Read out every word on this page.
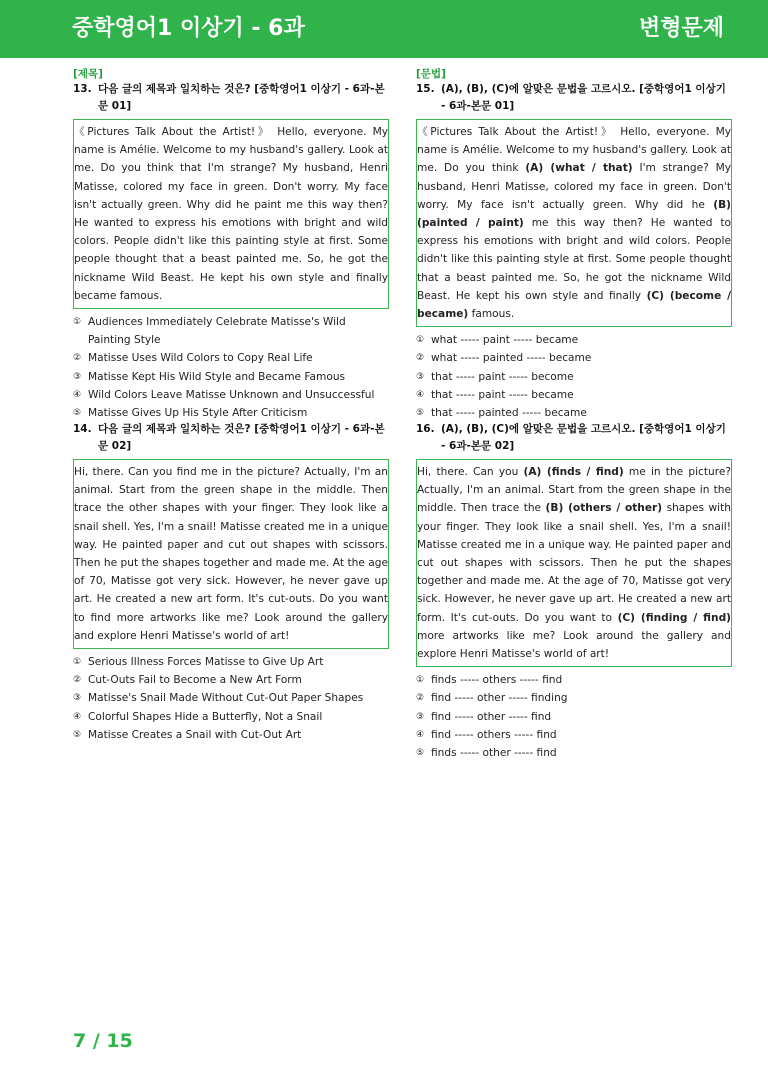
중학영어1 이상기 - 6과	변형문제
[제목]
13. 다음 글의 제목과 일치하는 것은? [중학영어1 이상기 - 6과-본문 01]
《Pictures Talk About the Artist!》 Hello, everyone. My name is Amélie. Welcome to my husband's gallery. Look at me. Do you think that I'm strange? My husband, Henri Matisse, colored my face in green. Don't worry. My face isn't actually green. Why did he paint me this way then? He wanted to express his emotions with bright and wild colors. People didn't like this painting style at first. Some people thought that a beast painted me. So, he got the nickname Wild Beast. He kept his own style and finally became famous.
① Audiences Immediately Celebrate Matisse's Wild Painting Style
② Matisse Uses Wild Colors to Copy Real Life
③ Matisse Kept His Wild Style and Became Famous
④ Wild Colors Leave Matisse Unknown and Unsuccessful
⑤ Matisse Gives Up His Style After Criticism
14. 다음 글의 제목과 일치하는 것은? [중학영어1 이상기 - 6과-본문 02]
Hi, there. Can you find me in the picture? Actually, I'm an animal. Start from the green shape in the middle. Then trace the other shapes with your finger. They look like a snail shell. Yes, I'm a snail! Matisse created me in a unique way. He painted paper and cut out shapes with scissors. Then he put the shapes together and made me. At the age of 70, Matisse got very sick. However, he never gave up art. He created a new art form. It's cut-outs. Do you want to find more artworks like me? Look around the gallery and explore Henri Matisse's world of art!
① Serious Illness Forces Matisse to Give Up Art
② Cut-Outs Fail to Become a New Art Form
③ Matisse's Snail Made Without Cut-Out Paper Shapes
④ Colorful Shapes Hide a Butterfly, Not a Snail
⑤ Matisse Creates a Snail with Cut-Out Art
[문법]
15. (A), (B), (C)에 알맞은 문법을 고르시오. [중학영어1 이상기 - 6과-본문 01]
《Pictures Talk About the Artist!》 Hello, everyone. My name is Amélie. Welcome to my husband's gallery. Look at me. Do you think (A) (what / that) I'm strange? My husband, Henri Matisse, colored my face in green. Don't worry. My face isn't actually green. Why did he (B) (painted / paint) me this way then? He wanted to express his emotions with bright and wild colors. People didn't like this painting style at first. Some people thought that a beast painted me. So, he got the nickname Wild Beast. He kept his own style and finally (C) (become / became) famous.
① what ----- paint ----- became
② what ----- painted ----- became
③ that ----- paint ----- become
④ that ----- paint ----- became
⑤ that ----- painted ----- became
16. (A), (B), (C)에 알맞은 문법을 고르시오. [중학영어1 이상기 - 6과-본문 02]
Hi, there. Can you (A) (finds / find) me in the picture? Actually, I'm an animal. Start from the green shape in the middle. Then trace the (B) (others / other) shapes with your finger. They look like a snail shell. Yes, I'm a snail! Matisse created me in a unique way. He painted paper and cut out shapes with scissors. Then he put the shapes together and made me. At the age of 70, Matisse got very sick. However, he never gave up art. He created a new art form. It's cut-outs. Do you want to (C) (finding / find) more artworks like me? Look around the gallery and explore Henri Matisse's world of art!
① finds ----- others ----- find
② find ----- other ----- finding
③ find ----- other ----- find
④ find ----- others ----- find
⑤ finds ----- other ----- find
7 / 15
